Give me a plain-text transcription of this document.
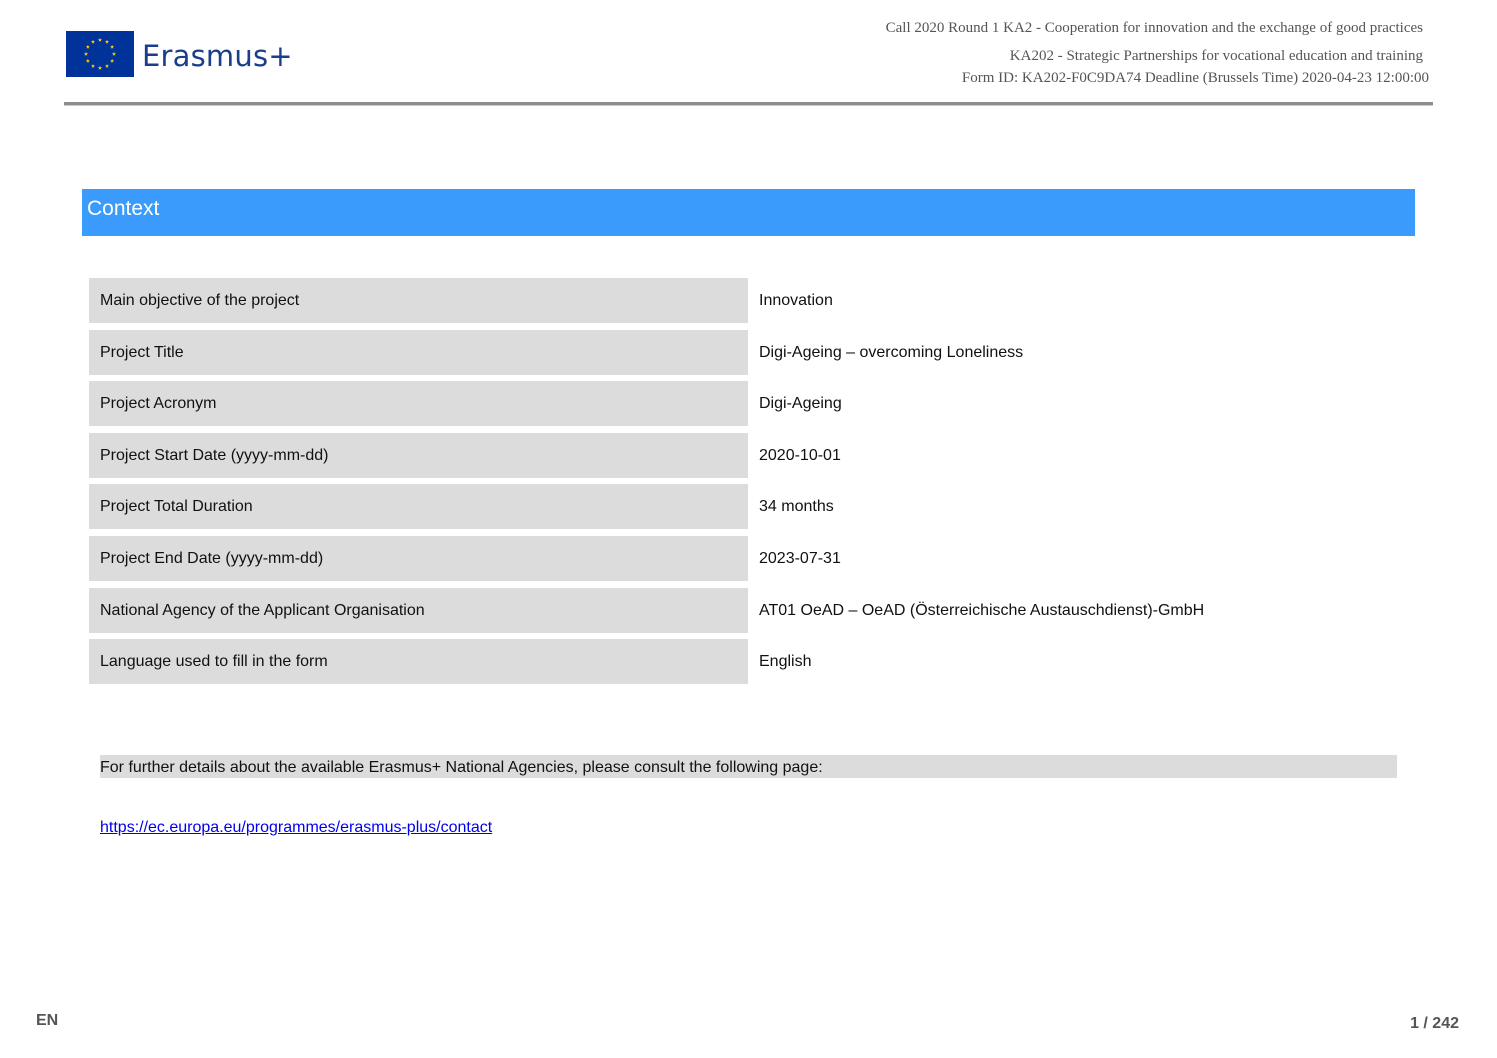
Erasmus+
Call 2020 Round 1 KA2 - Cooperation for innovation and the exchange of good practices
KA202 - Strategic Partnerships for vocational education and training
Form ID: KA202-F0C9DA74 Deadline (Brussels Time) 2020-04-23 12:00:00
Context
Main objective of the project	Innovation
Project Title	Digi-Ageing – overcoming Loneliness
Project Acronym	Digi-Ageing
Project Start Date (yyyy-mm-dd)	2020-10-01
Project Total Duration	34 months
Project End Date (yyyy-mm-dd)	2023-07-31
National Agency of the Applicant Organisation	AT01 OeAD – OeAD (Österreichische Austauschdienst)-GmbH
Language used to fill in the form	English
For further details about the available Erasmus+ National Agencies, please consult the following page:
https://ec.europa.eu/programmes/erasmus-plus/contact
EN	1 / 242
